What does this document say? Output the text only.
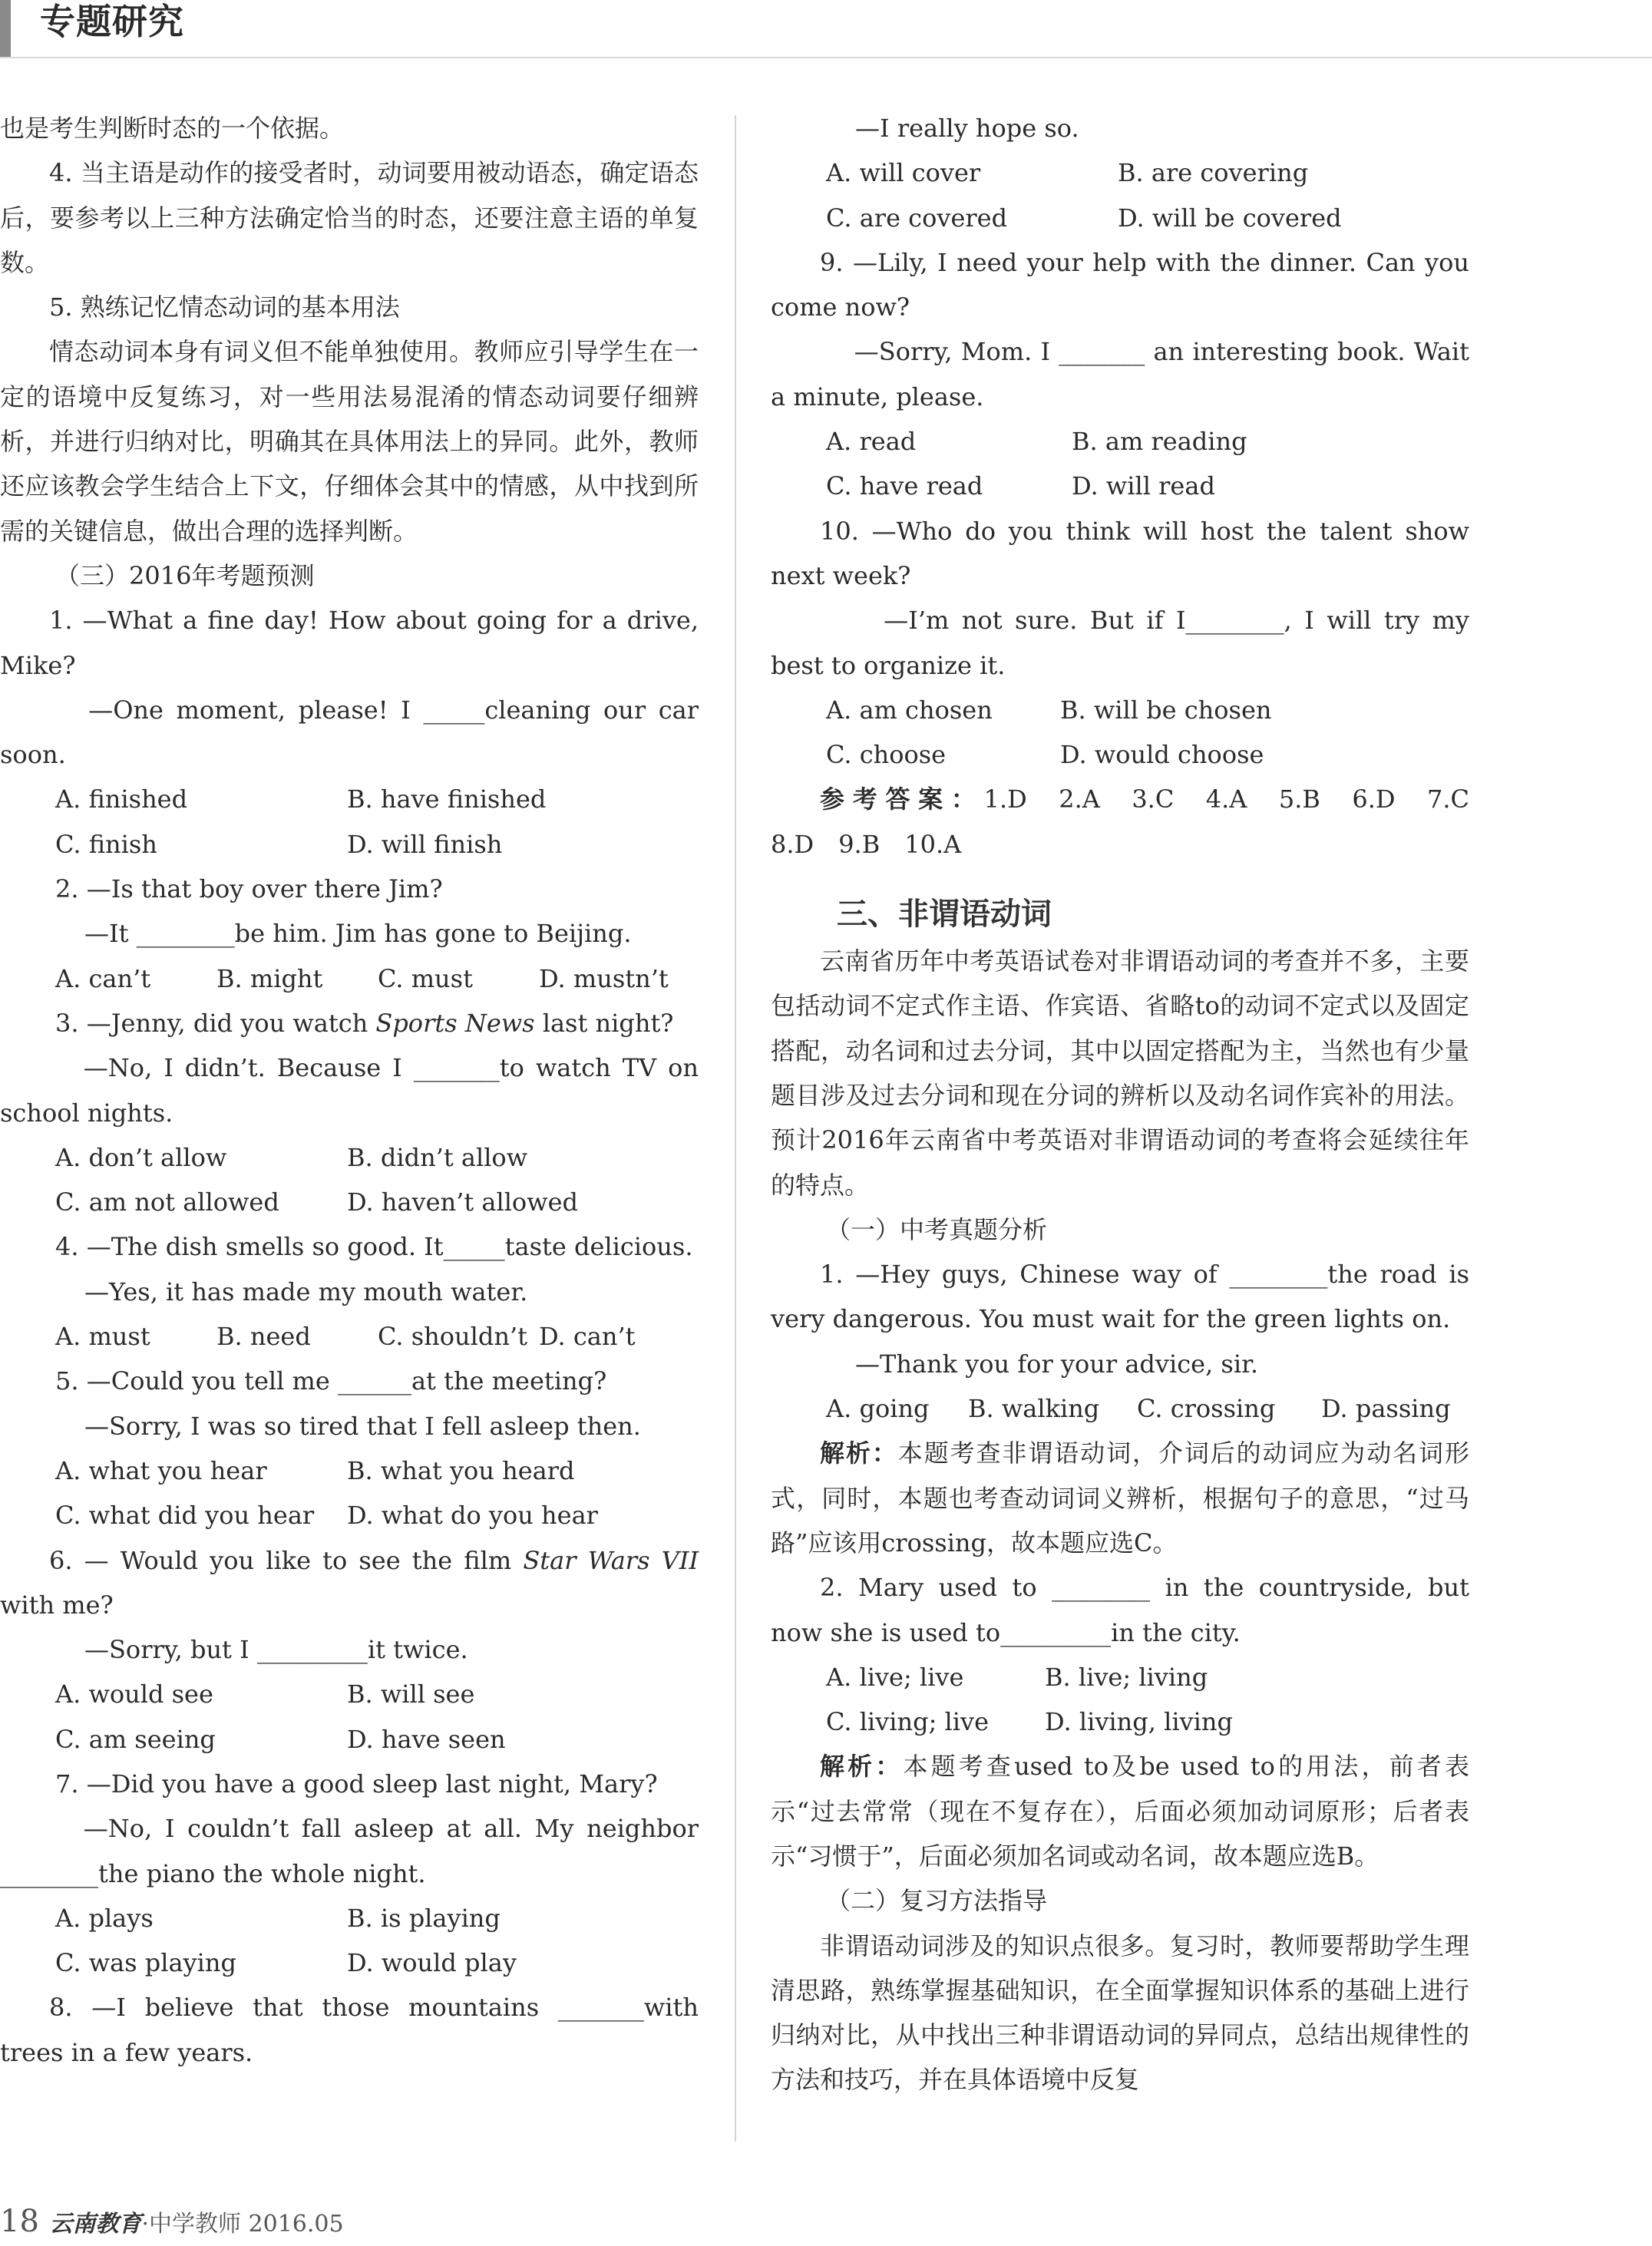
专题研究

也是考生判断时态的一个依据。

4. 当主语是动作的接受者时，动词要用被动语态，确定语态后，要参考以上三种方法确定恰当的时态，还要注意主语的单复数。

5. 熟练记忆情态动词的基本用法

情态动词本身有词义但不能单独使用。教师应引导学生在一定的语境中反复练习，对一些用法易混淆的情态动词要仔细辨析，并进行归纳对比，明确其在具体用法上的异同。此外，教师还应该教会学生结合上下文，仔细体会其中的情感，从中找到所需的关键信息，做出合理的选择判断。

（三）2016年考题预测

1. —What a fine day! How about going for a drive, Mike?

—One moment, please! I _____cleaning our car soon.

A. finished	B. have finished

C. finish	D. will finish

2. —Is that boy over there Jim?

—It ________be him. Jim has gone to Beijing.

A. can’t	B. might C. must	D. mustn’t

3. —Jenny, did you watch Sports News last night?

—No, I didn’t. Because I _______to watch TV on school nights.

A. don’t allow	B. didn’t allow

C. am not allowed	D. haven’t allowed

4. —The dish smells so good. It_____taste delicious.

—Yes, it has made my mouth water.

A. must	B. need	C. shouldn’t D. can’t

5. —Could you tell me ______at the meeting?

—Sorry, I was so tired that I fell asleep then.

A. what you hear	B. what you heard

C. what did you hear D. what do you hear

6. — Would you like to see the film Star Wars VII with me?

—Sorry, but I _________it twice.

A. would see	B. will see

C. am seeing	D. have seen

7. —Did you have a good sleep last night, Mary?

—No, I couldn’t fall asleep at all. My neighbor ________the piano the whole night.

A. plays	B. is playing

C. was playing	D. would play

8. —I believe that those mountains _______with trees in a few years.

—I really hope so.

A. will cover	B. are covering

C. are covered	D. will be covered

9. —Lily, I need your help with the dinner. Can you come now?

—Sorry, Mom. I _______ an interesting book. Wait a minute, please.

A. read	B. am reading

C. have read	D. will read

10. —Who do you think will host the talent show next week?

—I’m not sure. But if I________, I will try my best to organize it.

A. am chosen	B. will be chosen

C. choose	D. would choose

参考答案：1.D　2.A　3.C　4.A　5.B　6.D　7.C　8.D　9.B　10.A

三、非谓语动词

云南省历年中考英语试卷对非谓语动词的考查并不多，主要包括动词不定式作主语、作宾语、省略to的动词不定式以及固定搭配，动名词和过去分词，其中以固定搭配为主，当然也有少量题目涉及过去分词和现在分词的辨析以及动名词作宾补的用法。预计2016年云南省中考英语对非谓语动词的考查将会延续往年的特点。

（一）中考真题分析

1. —Hey guys, Chinese way of ________the road is very dangerous. You must wait for the green lights on.

—Thank you for your advice, sir.

A. going B. walking C. crossing D. passing

解析：本题考查非谓语动词，介词后的动词应为动名词形式，同时，本题也考查动词词义辨析，根据句子的意思，“过马路”应该用crossing，故本题应选C。

2. Mary used to ________ in the countryside, but now she is used to_________in the city.

A. live; live	B. live; living

C. living; live D. living, living

解析：本题考查used to及be used to的用法，前者表示“过去常常（现在不复存在），后面必须加动词原形；后者表示“习惯于”，后面必须加名词或动名词，故本题应选B。

（二）复习方法指导

非谓语动词涉及的知识点很多。复习时，教师要帮助学生理清思路，熟练掌握基础知识，在全面掌握知识体系的基础上进行归纳对比，从中找出三种非谓语动词的异同点，总结出规律性的方法和技巧，并在具体语境中反复

18 云南教育·中学教师 2016.05
